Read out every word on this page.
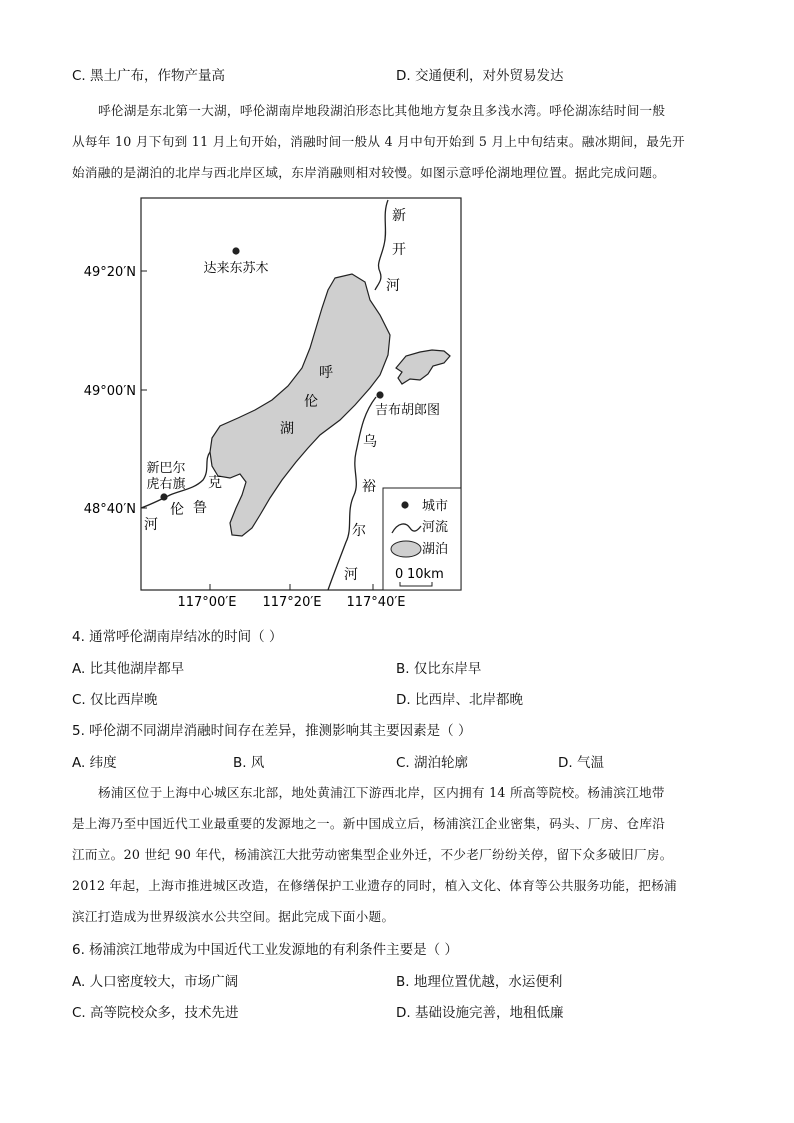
C. 黑土广布，作物产量高	D. 交通便利，对外贸易发达
呼伦湖是东北第一大湖，呼伦湖南岸地段湖泊形态比其他地方复杂且多浅水湾。呼伦湖冻结时间一般
从每年 10 月下旬到 11 月上旬开始，消融时间一般从 4 月中旬开始到 5 月上中旬结束。融冰期间，最先开
始消融的是湖泊的北岸与西北岸区域，东岸消融则相对较慢。如图示意呼伦湖地理位置。据此完成问题。
49°20′N
49°00′N
48°40′N
117°00′E 117°20′E 117°40′E
达来东苏木
吉布胡郎图
新巴尔
虎右旗
新
开
河
乌
裕
尔
河
克
鲁
伦
河
呼
伦
湖
城市
河流
湖泊
0 10km
4. 通常呼伦湖南岸结冰的时间（ ）
A. 比其他湖岸都早	B. 仅比东岸早
C. 仅比西岸晚	D. 比西岸、北岸都晚
5. 呼伦湖不同湖岸消融时间存在差异，推测影响其主要因素是（ ）
A. 纬度	B. 风	C. 湖泊轮廓	D. 气温
杨浦区位于上海中心城区东北部，地处黄浦江下游西北岸，区内拥有 14 所高等院校。杨浦滨江地带
是上海乃至中国近代工业最重要的发源地之一。新中国成立后，杨浦滨江企业密集，码头、厂房、仓库沿
江而立。20 世纪 90 年代，杨浦滨江大批劳动密集型企业外迁，不少老厂纷纷关停，留下众多破旧厂房。
2012 年起，上海市推进城区改造，在修缮保护工业遗存的同时，植入文化、体育等公共服务功能，把杨浦
滨江打造成为世界级滨水公共空间。据此完成下面小题。
6. 杨浦滨江地带成为中国近代工业发源地的有利条件主要是（ ）
A. 人口密度较大，市场广阔	B. 地理位置优越，水运便利
C. 高等院校众多，技术先进	D. 基础设施完善，地租低廉
